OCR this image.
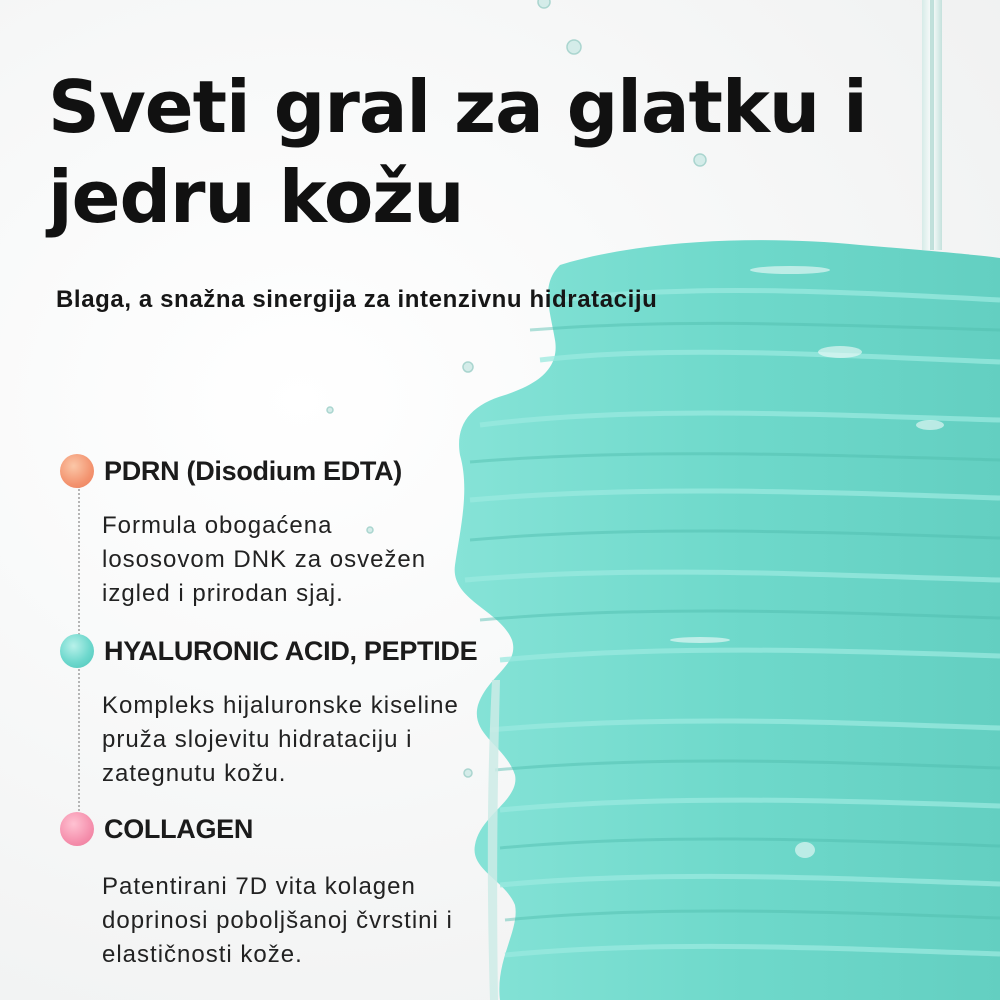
Sveti gral za glatku i
jedru kožu
Blaga, a snažna sinergija za intenzivnu hidrataciju
PDRN (Disodium EDTA)
Formula obogaćena
lososovom DNK za osvežen
izgled i prirodan sjaj.
HYALURONIC ACID, PEPTIDE
Kompleks hijaluronske kiseline
pruža slojevitu hidrataciju i
zategnutu kožu.
COLLAGEN
Patentirani 7D vita kolagen
doprinosi poboljšanoj čvrstini i
elastičnosti kože.
